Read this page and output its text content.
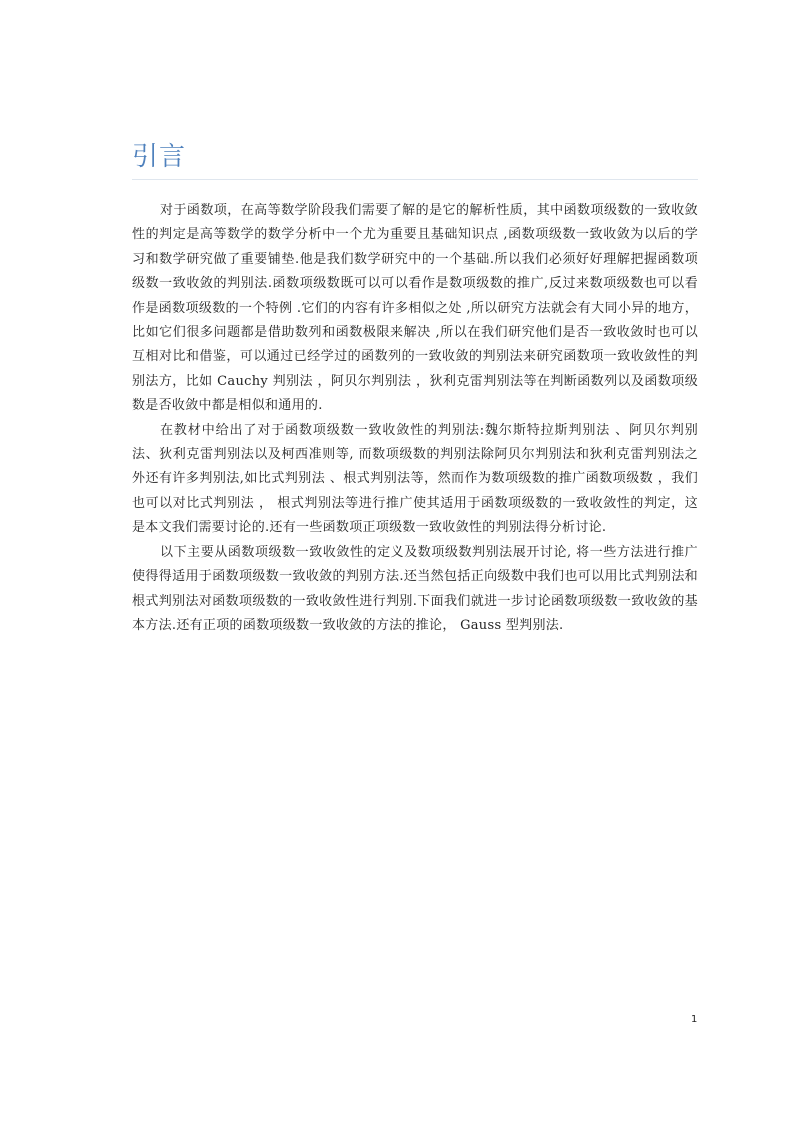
引言

对于函数项，在高等数学阶段我们需要了解的是它的解析性质，其中函数项级数的一致收敛性的判定是高等数学的数学分析中一个尤为重要且基础知识点 ,函数项级数一致收敛为以后的学习和数学研究做了重要铺垫.他是我们数学研究中的一个基础.所以我们必须好好理解把握函数项级数一致收敛的判别法.函数项级数既可以可以看作是数项级数的推广,反过来数项级数也可以看作是函数项级数的一个特例 .它们的内容有许多相似之处 ,所以研究方法就会有大同小异的地方，比如它们很多问题都是借助数列和函数极限来解决 ,所以在我们研究他们是否一致收敛时也可以互相对比和借鉴，可以通过已经学过的函数列的一致收敛的判别法来研究函数项一致收敛性的判别法方，比如 Cauchy 判别法 ，阿贝尔判别法 ，狄利克雷判别法等在判断函数列以及函数项级数是否收敛中都是相似和通用的.

在教材中给出了对于函数项级数一致收敛性的判别法:魏尔斯特拉斯判别法 、阿贝尔判别法、狄利克雷判别法以及柯西准则等, 而数项级数的判别法除阿贝尔判别法和狄利克雷判别法之外还有许多判别法,如比式判别法 、根式判别法等，然而作为数项级数的推广函数项级数 ，我们也可以对比式判别法 ， 根式判别法等进行推广使其适用于函数项级数的一致收敛性的判定，这是本文我们需要讨论的.还有一些函数项正项级数一致收敛性的判别法得分析讨论.

以下主要从函数项级数一致收敛性的定义及数项级数判别法展开讨论, 将一些方法进行推广使得得适用于函数项级数一致收敛的判别方法.还当然包括正向级数中我们也可以用比式判别法和根式判别法对函数项级数的一致收敛性进行判别.下面我们就进一步讨论函数项级数一致收敛的基本方法.还有正项的函数项级数一致收敛的方法的推论， Gauss 型判别法.

1
